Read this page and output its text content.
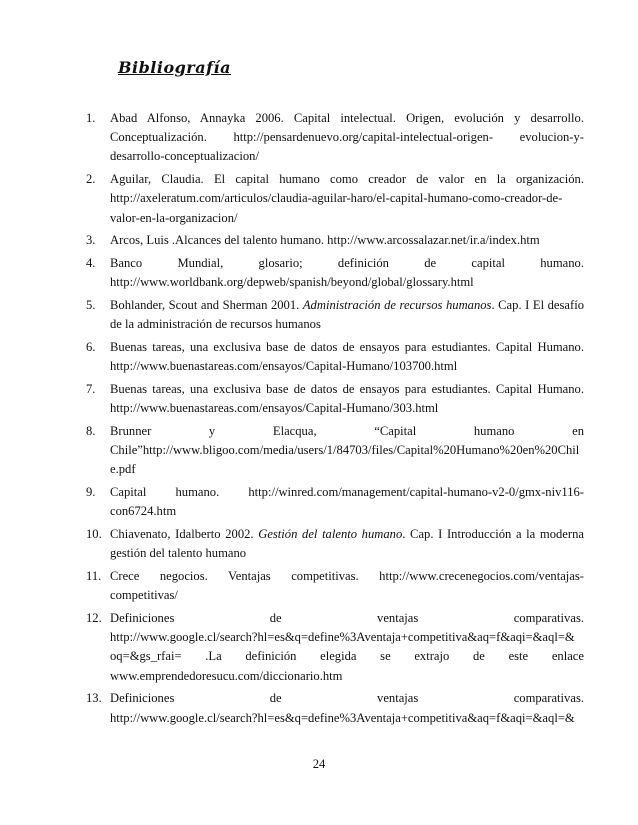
Bibliografía
1.	Abad Alfonso, Annayka 2006. Capital intelectual. Origen, evolución y desarrollo.
Conceptualización. http://pensardenuevo.org/capital-intelectual-origen- evolucion-y-
desarrollo-conceptualizacion/
2.	Aguilar, Claudia. El capital humano como creador de valor en la organización.
http://axeleratum.com/articulos/claudia-aguilar-haro/el-capital-humano-como-creador-de-
valor-en-la-organizacion/
3.	Arcos, Luis .Alcances del talento humano. http://www.arcossalazar.net/ir.a/index.htm
4.	Banco Mundial, glosario; definición de capital humano.
http://www.worldbank.org/depweb/spanish/beyond/global/glossary.html
5.	Bohlander, Scout and Sherman 2001. Administración de recursos humanos. Cap. I El desafío
de la administración de recursos humanos
6.	Buenas tareas, una exclusiva base de datos de ensayos para estudiantes. Capital Humano.
http://www.buenastareas.com/ensayos/Capital-Humano/103700.html
7.	Buenas tareas, una exclusiva base de datos de ensayos para estudiantes. Capital Humano.
http://www.buenastareas.com/ensayos/Capital-Humano/303.html
8.	Brunner y Elacqua, “Capital humano en
Chile”http://www.bligoo.com/media/users/1/84703/files/Capital%20Humano%20en%20Chil
e.pdf
9.	Capital humano. http://winred.com/management/capital-humano-v2-0/gmx-niv116-
con6724.htm
10. Chiavenato, Idalberto 2002. Gestión del talento humano. Cap. I Introducción a la moderna
gestión del talento humano
11. Crece negocios. Ventajas competitivas. http://www.crecenegocios.com/ventajas-
competitivas/
12. Definiciones de ventajas comparativas.
http://www.google.cl/search?hl=es&q=define%3Aventaja+competitiva&aq=f&aqi=&aql=&
oq=&gs_rfai= .La definición elegida se extrajo de este enlace
www.emprendedoresucu.com/diccionario.htm
13. Definiciones de ventajas comparativas.
http://www.google.cl/search?hl=es&q=define%3Aventaja+competitiva&aq=f&aqi=&aql=&
24
